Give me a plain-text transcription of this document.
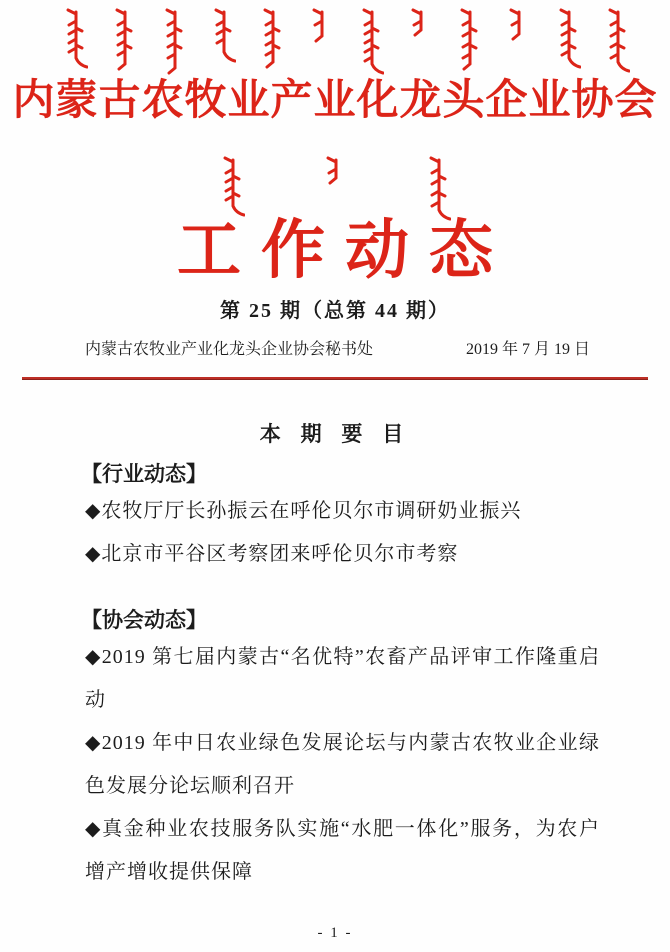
内蒙古农牧业产业化龙头企业协会
工作动态
第 25 期（总第 44 期）
内蒙古农牧业产业化龙头企业协会秘书处	2019 年 7 月 19 日
本 期 要 目
【行业动态】
◆农牧厅厅长孙振云在呼伦贝尔市调研奶业振兴
◆北京市平谷区考察团来呼伦贝尔市考察
【协会动态】
◆2019 第七届内蒙古“名优特”农畜产品评审工作隆重启动
◆2019 年中日农业绿色发展论坛与内蒙古农牧业企业绿色发展分论坛顺利召开
◆真金种业农技服务队实施“水肥一体化”服务，为农户增产增收提供保障
- 1 -
